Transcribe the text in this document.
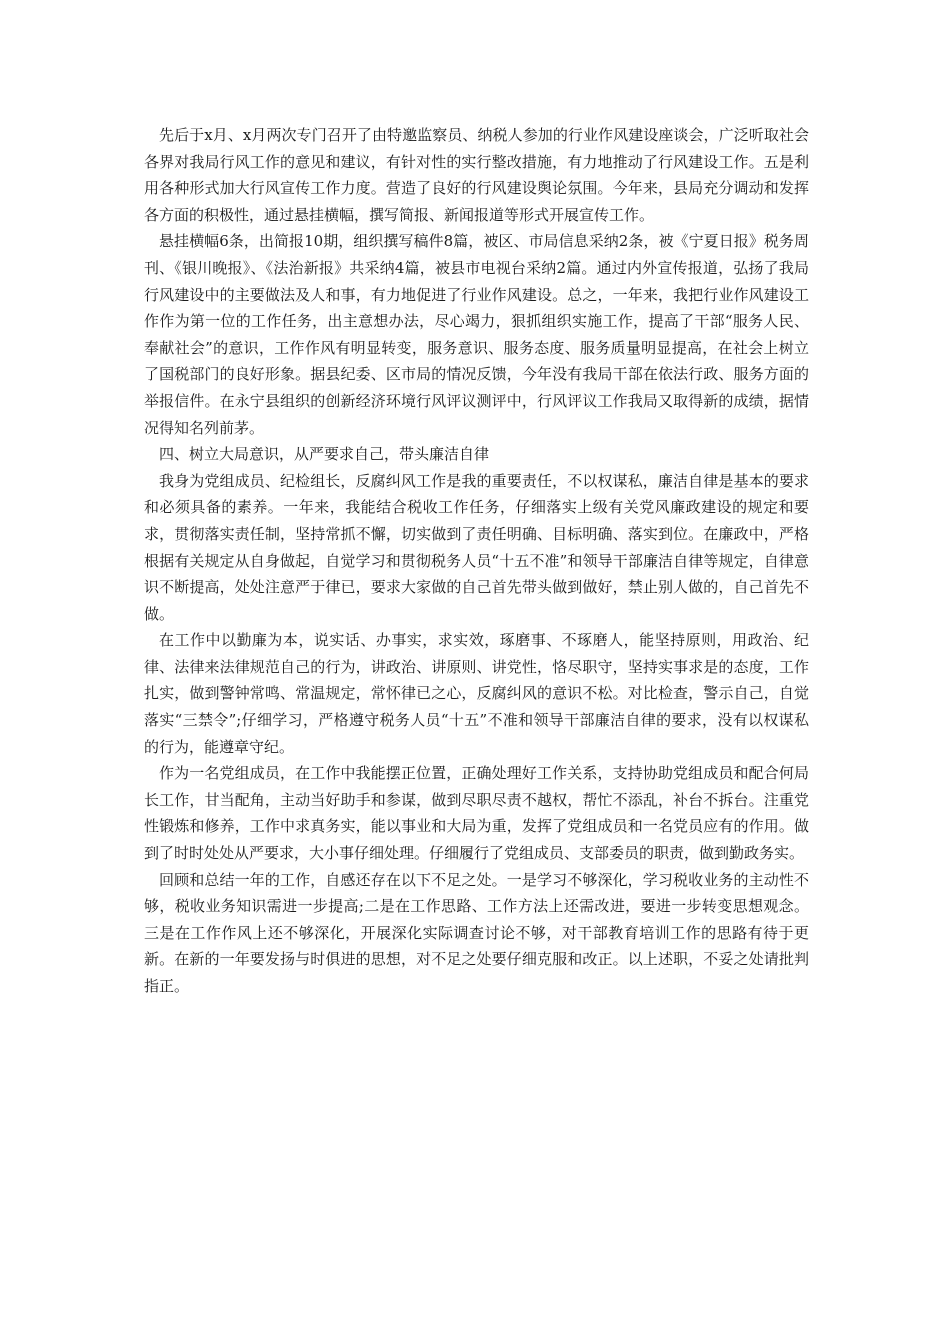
先后于x月、x月两次专门召开了由特邀监察员、纳税人参加的行业作风建设座谈会，广泛听取社会各界对我局行风工作的意见和建议，有针对性的实行整改措施，有力地推动了行风建设工作。五是利用各种形式加大行风宣传工作力度。营造了良好的行风建设舆论氛围。今年来，县局充分调动和发挥各方面的积极性，通过悬挂横幅，撰写简报、新闻报道等形式开展宣传工作。

悬挂横幅6条，出简报10期，组织撰写稿件8篇，被区、市局信息采纳2条，被《宁夏日报》税务周刊、《银川晚报》、《法治新报》共采纳4篇，被县市电视台采纳2篇。通过内外宣传报道，弘扬了我局行风建设中的主要做法及人和事，有力地促进了行业作风建设。总之，一年来，我把行业作风建设工作作为第一位的工作任务，出主意想办法，尽心竭力，狠抓组织实施工作，提高了干部“服务人民、奉献社会”的意识，工作作风有明显转变，服务意识、服务态度、服务质量明显提高，在社会上树立了国税部门的良好形象。据县纪委、区市局的情况反馈，今年没有我局干部在依法行政、服务方面的举报信件。在永宁县组织的创新经济环境行风评议测评中，行风评议工作我局又取得新的成绩，据情况得知名列前茅。

四、树立大局意识，从严要求自己，带头廉洁自律

我身为党组成员、纪检组长，反腐纠风工作是我的重要责任，不以权谋私，廉洁自律是基本的要求和必须具备的素养。一年来，我能结合税收工作任务，仔细落实上级有关党风廉政建设的规定和要求，贯彻落实责任制，坚持常抓不懈，切实做到了责任明确、目标明确、落实到位。在廉政中，严格根据有关规定从自身做起，自觉学习和贯彻税务人员“十五不准”和领导干部廉洁自律等规定，自律意识不断提高，处处注意严于律已，要求大家做的自己首先带头做到做好，禁止别人做的，自己首先不做。

在工作中以勤廉为本，说实话、办事实，求实效，琢磨事、不琢磨人，能坚持原则，用政治、纪律、法律来法律规范自己的行为，讲政治、讲原则、讲党性，恪尽职守，坚持实事求是的态度，工作扎实，做到警钟常鸣、常温规定，常怀律已之心，反腐纠风的意识不松。对比检查，警示自己，自觉落实“三禁令”;仔细学习，严格遵守税务人员“十五”不准和领导干部廉洁自律的要求，没有以权谋私的行为，能遵章守纪。

作为一名党组成员，在工作中我能摆正位置，正确处理好工作关系，支持协助党组成员和配合何局长工作，甘当配角，主动当好助手和参谋，做到尽职尽责不越权，帮忙不添乱，补台不拆台。注重党性锻炼和修养，工作中求真务实，能以事业和大局为重，发挥了党组成员和一名党员应有的作用。做到了时时处处从严要求，大小事仔细处理。仔细履行了党组成员、支部委员的职责，做到勤政务实。

回顾和总结一年的工作，自感还存在以下不足之处。一是学习不够深化，学习税收业务的主动性不够，税收业务知识需进一步提高;二是在工作思路、工作方法上还需改进，要进一步转变思想观念。三是在工作作风上还不够深化，开展深化实际调查讨论不够，对干部教育培训工作的思路有待于更新。在新的一年要发扬与时俱进的思想，对不足之处要仔细克服和改正。以上述职，不妥之处请批判指正。
